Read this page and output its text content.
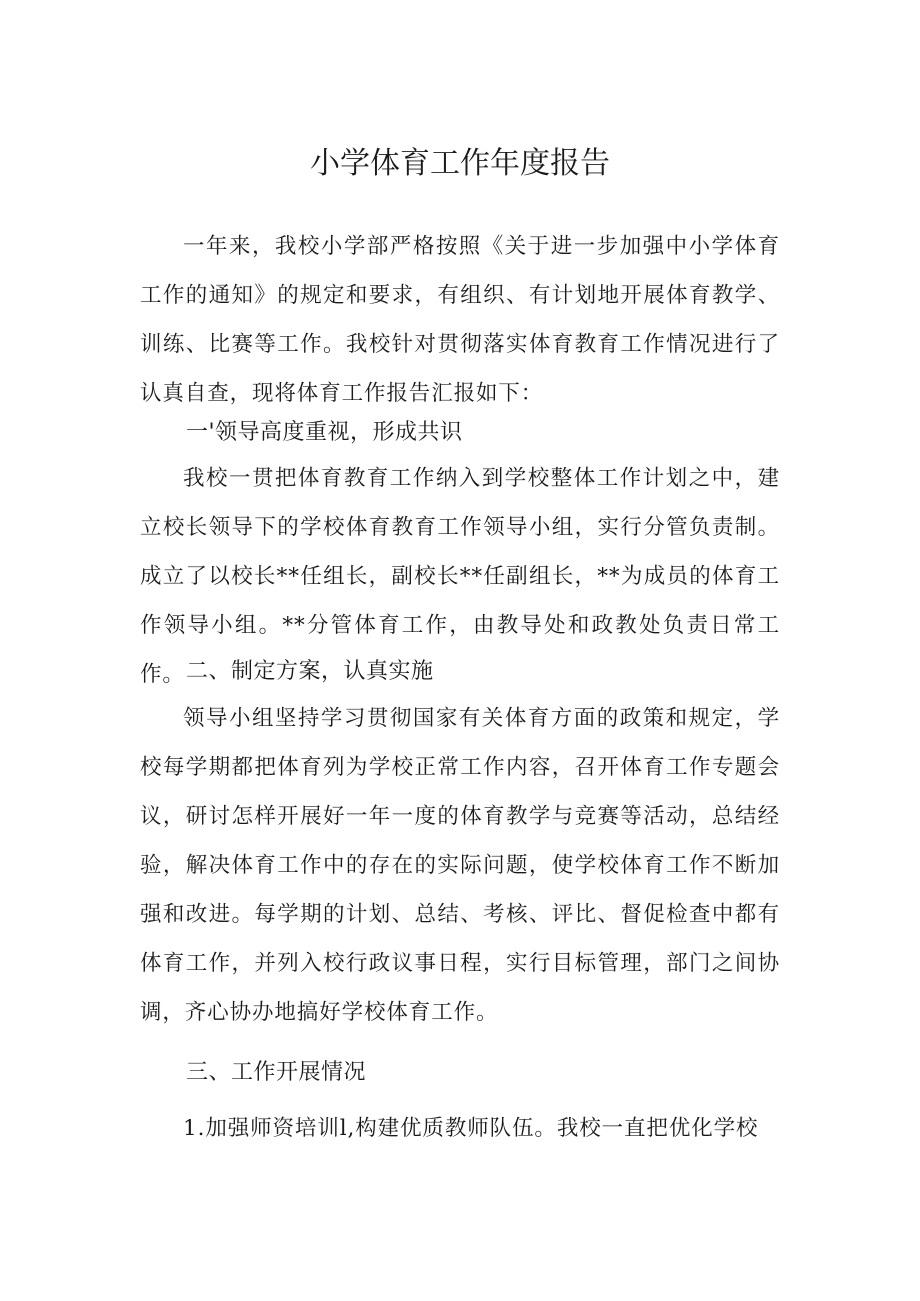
小学体育工作年度报告

一年来，我校小学部严格按照《关于进一步加强中小学体育工作的通知》的规定和要求，有组织、有计划地开展体育教学、训练、比赛等工作。我校针对贯彻落实体育教育工作情况进行了认真自查，现将体育工作报告汇报如下：

一'领导高度重视，形成共识

我校一贯把体育教育工作纳入到学校整体工作计划之中，建立校长领导下的学校体育教育工作领导小组，实行分管负责制。成立了以校长**任组长，副校长**任副组长，**为成员的体育工作领导小组。**分管体育工作，由教导处和政教处负责日常工作。 二、制定方案，认真实施

领导小组坚持学习贯彻国家有关体育方面的政策和规定，学校每学期都把体育列为学校正常工作内容，召开体育工作专题会议，研讨怎样开展好一年一度的体育教学与竞赛等活动，总结经验，解决体育工作中的存在的实际问题，使学校体育工作不断加强和改进。每学期的计划、总结、考核、评比、督促检查中都有体育工作，并列入校行政议事日程，实行目标管理，部门之间协调，齐心协办地搞好学校体育工作。

三、工作开展情况

1.加强师资培训l,构建优质教师队伍。我校一直把优化学校
